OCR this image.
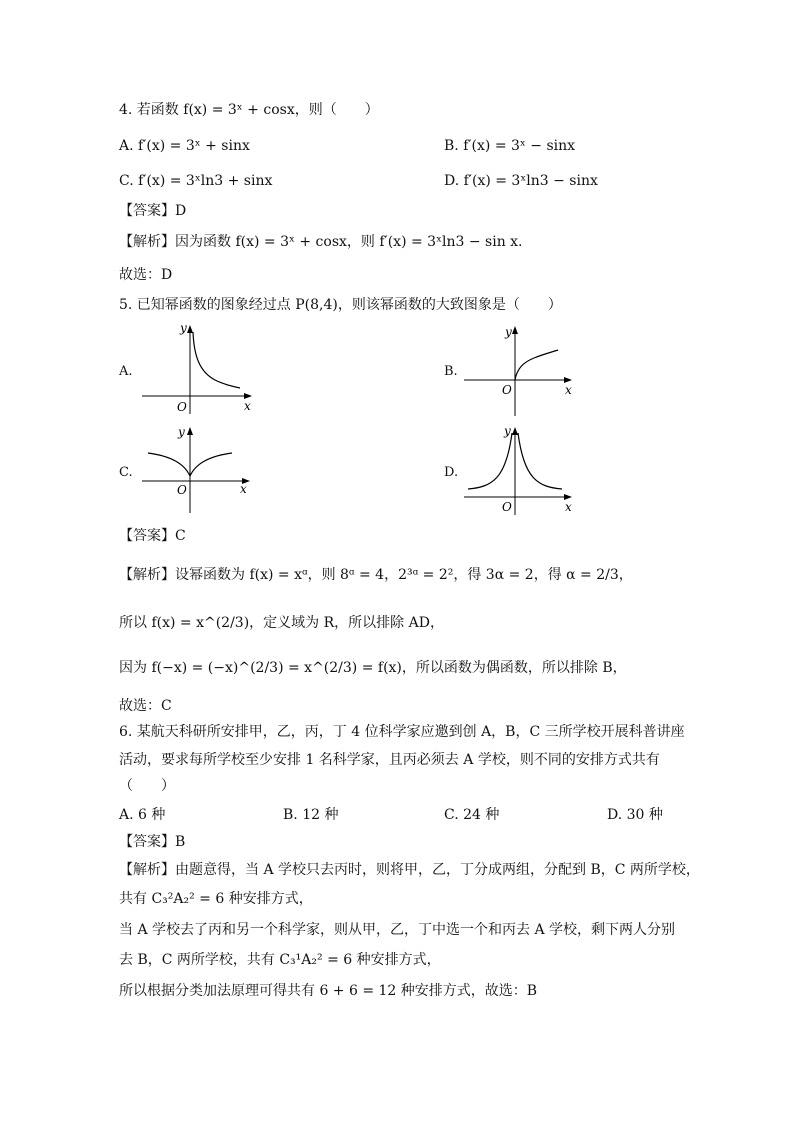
4. 若函数 f(x) = 3ˣ + cosx，则（　　）
A. f′(x) = 3ˣ + sinx	B. f′(x) = 3ˣ − sinx
C. f′(x) = 3ˣln3 + sinx	D. f′(x) = 3ˣln3 − sinx
【答案】D
【解析】因为函数 f(x) = 3ˣ + cosx，则 f′(x) = 3ˣln3 − sin x.
故选：D
5. 已知幂函数的图象经过点 P(8,4)，则该幂函数的大致图象是（　　）
A.
y
x
O
B.
y
x
O
C.
y
x
O
D.
y
x
O
【答案】C
【解析】设幂函数为 f(x) = xᵅ，则 8ᵅ = 4，2³ᵅ = 2²，得 3α = 2，得 α = 2/3，
所以 f(x) = x^(2/3)，定义域为 R，所以排除 AD，
因为 f(−x) = (−x)^(2/3) = x^(2/3) = f(x)，所以函数为偶函数，所以排除 B，
故选：C
6. 某航天科研所安排甲，乙，丙，丁 4 位科学家应邀到创 A，B，C 三所学校开展科普讲座
活动，要求每所学校至少安排 1 名科学家，且丙必须去 A 学校，则不同的安排方式共有
（　　）
A. 6 种	B. 12 种	C. 24 种	D. 30 种
【答案】B
【解析】由题意得，当 A 学校只去丙时，则将甲，乙，丁分成两组，分配到 B，C 两所学校，
共有 C₃²A₂² = 6 种安排方式，
当 A 学校去了丙和另一个科学家，则从甲，乙，丁中选一个和丙去 A 学校，剩下两人分别
去 B，C 两所学校，共有 C₃¹A₂² = 6 种安排方式，
所以根据分类加法原理可得共有 6 + 6 = 12 种安排方式，故选：B
